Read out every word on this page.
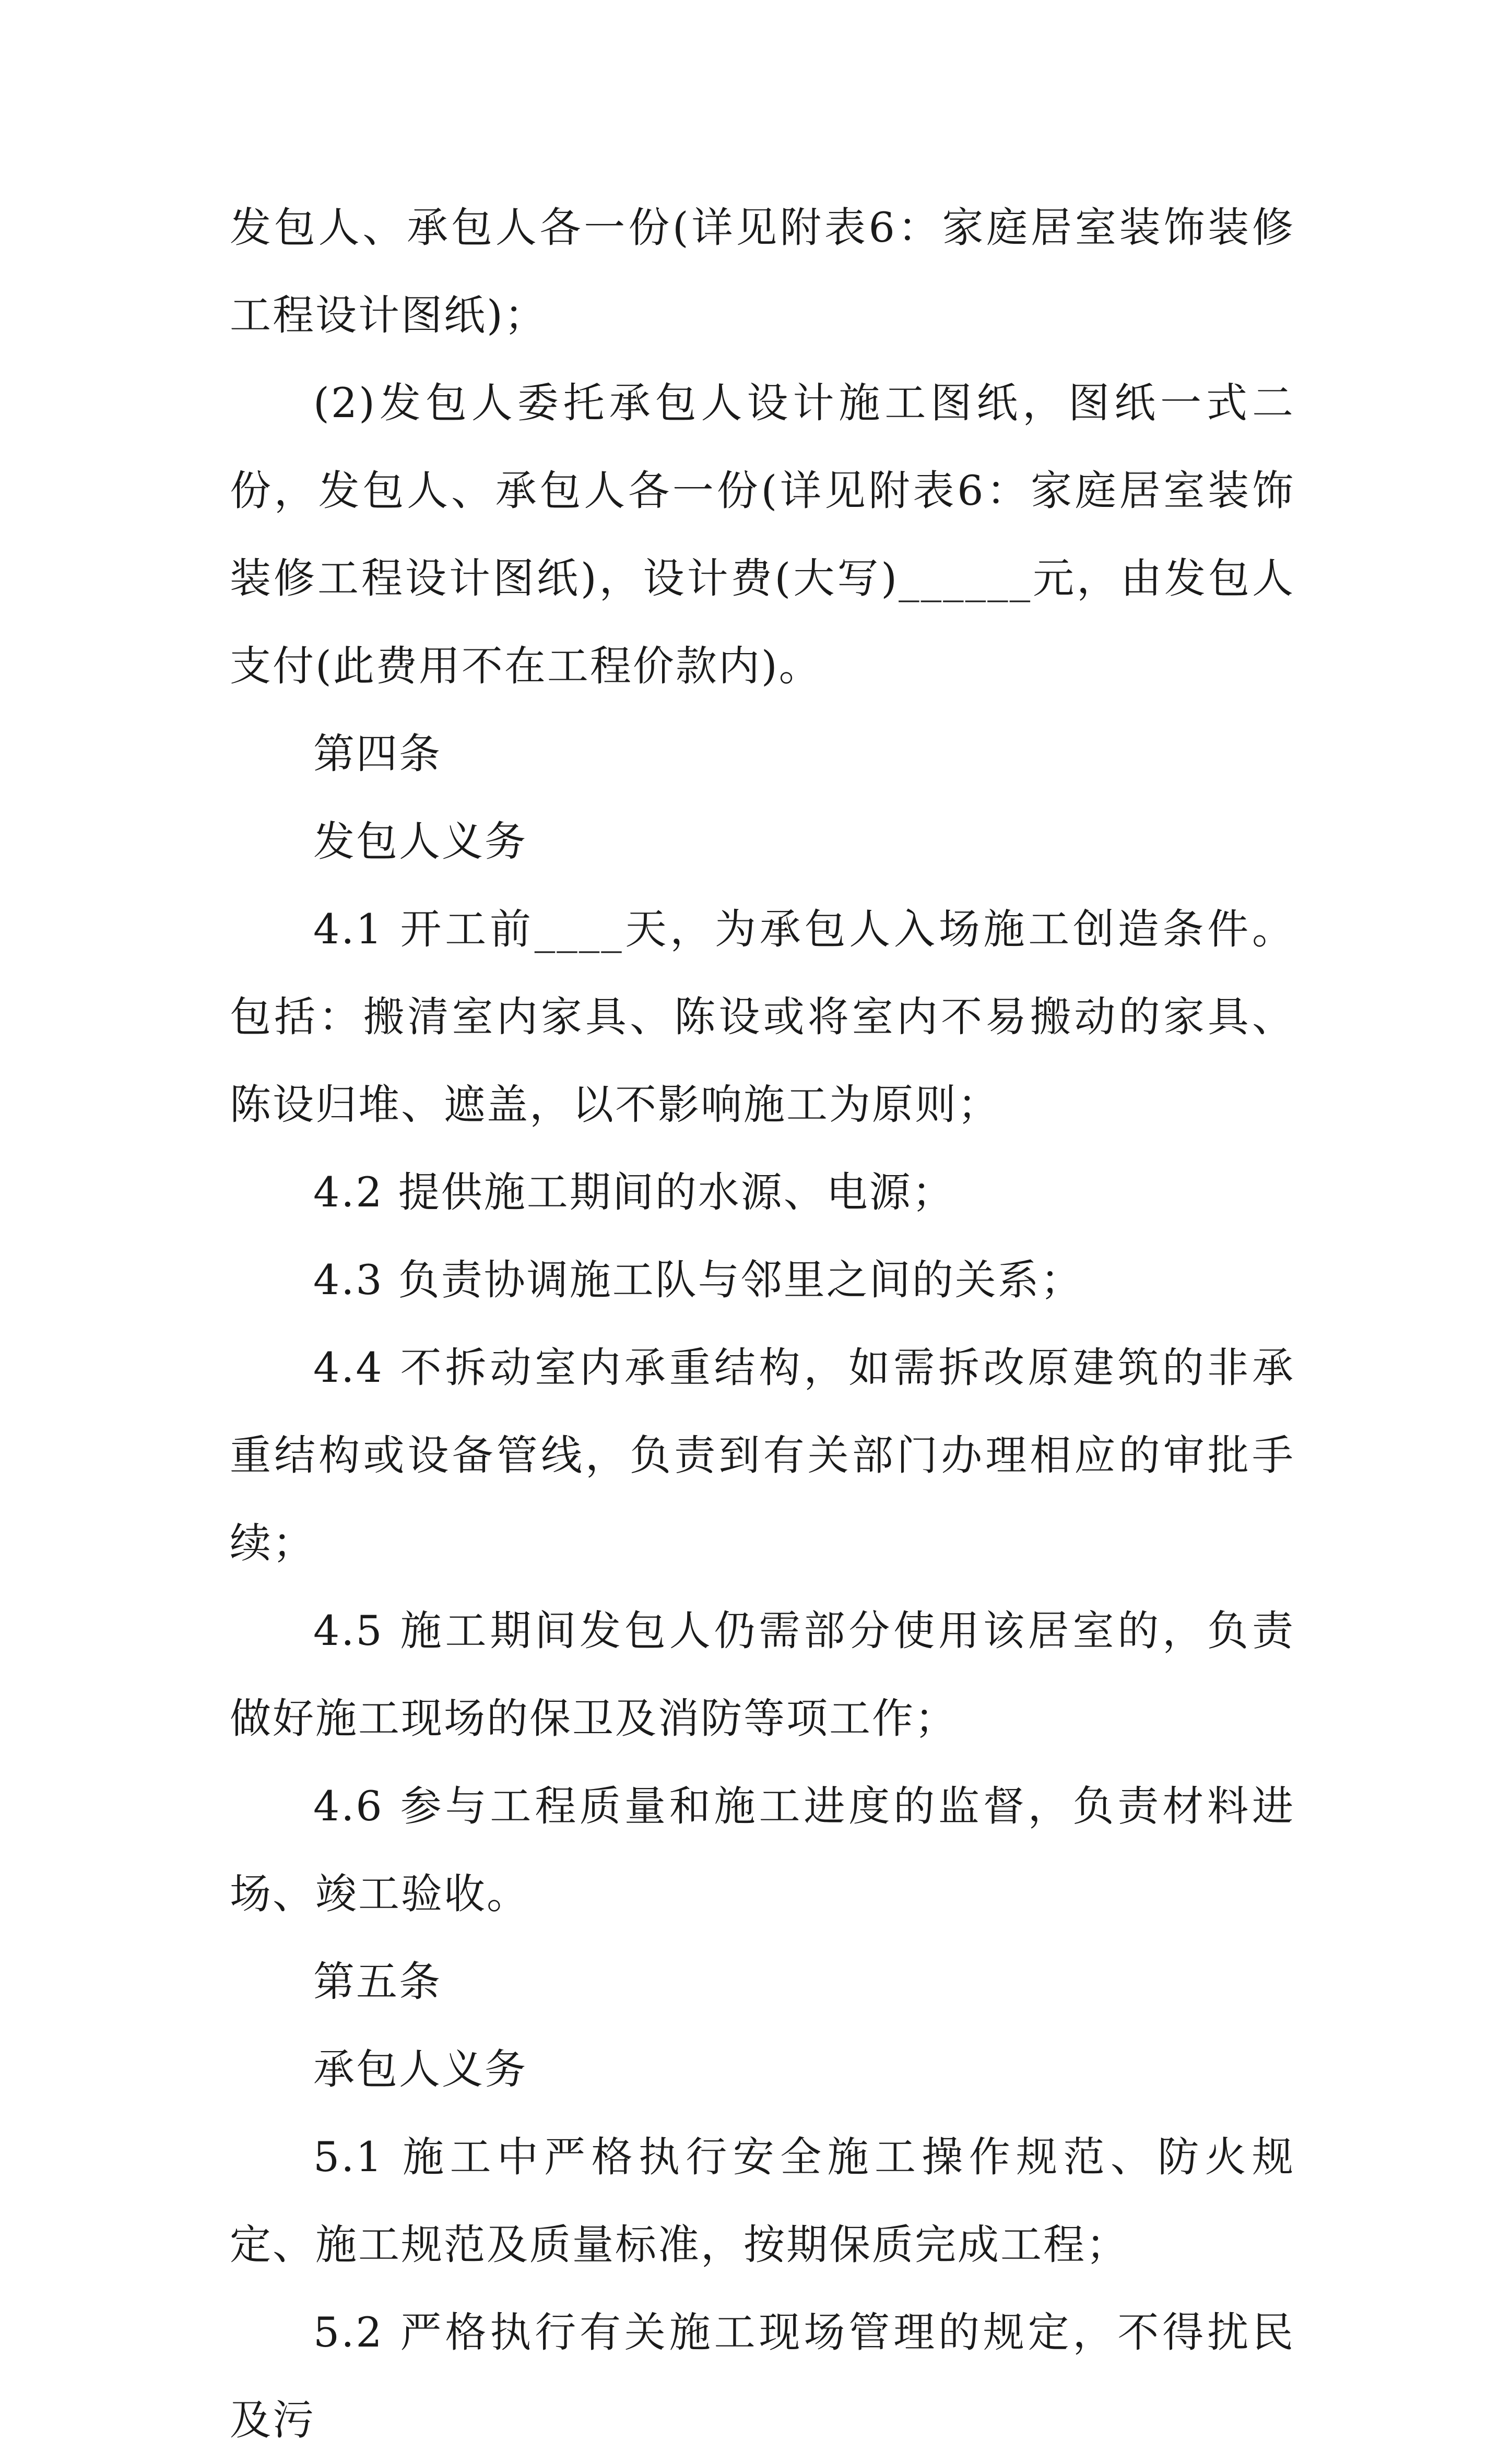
发包人、承包人各一份(详见附表6：家庭居室装饰装修工程设计图纸)；

(2)发包人委托承包人设计施工图纸，图纸一式二份，发包人、承包人各一份(详见附表6：家庭居室装饰装修工程设计图纸)，设计费(大写)______元，由发包人支付(此费用不在工程价款内)。

第四条

发包人义务

4.1 开工前____天，为承包人入场施工创造条件。包括：搬清室内家具、陈设或将室内不易搬动的家具、陈设归堆、遮盖，以不影响施工为原则；

4.2 提供施工期间的水源、电源；

4.3 负责协调施工队与邻里之间的关系；

4.4 不拆动室内承重结构，如需拆改原建筑的非承重结构或设备管线，负责到有关部门办理相应的审批手续；

4.5 施工期间发包人仍需部分使用该居室的，负责做好施工现场的保卫及消防等项工作；

4.6 参与工程质量和施工进度的监督，负责材料进场、竣工验收。

第五条

承包人义务

5.1 施工中严格执行安全施工操作规范、防火规定、施工规范及质量标准，按期保质完成工程；

5.2 严格执行有关施工现场管理的规定，不得扰民及污
